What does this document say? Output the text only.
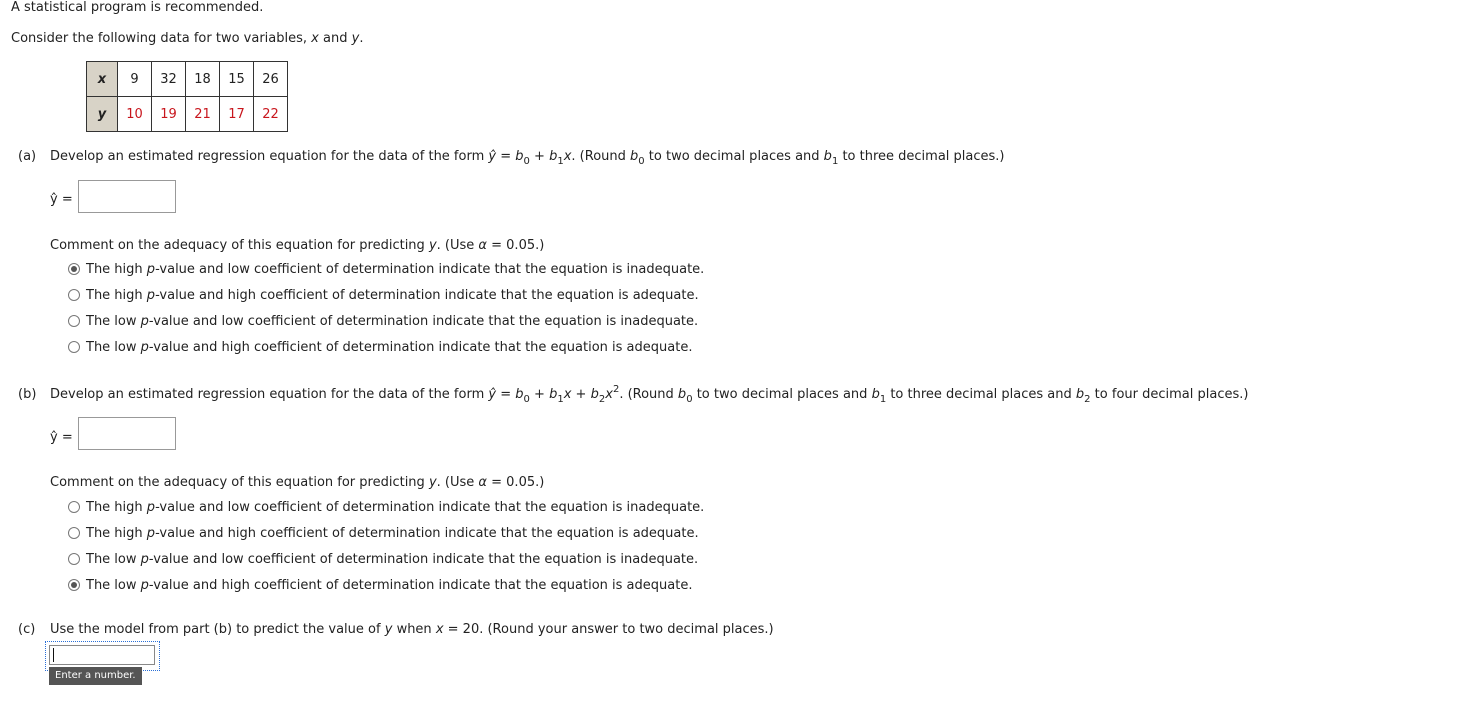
A statistical program is recommended.
Consider the following data for two variables, x and y.
x	9	32	18	15	26
y	10	19	21	17	22
(a) Develop an estimated regression equation for the data of the form ŷ = $b_0 + b_1x$. (Round $b_0$ to two decimal places and $b_1$ to three decimal places.)
ŷ =
Comment on the adequacy of this equation for predicting y. (Use α = 0.05.)
The high p-value and low coefficient of determination indicate that the equation is inadequate.
The high p-value and high coefficient of determination indicate that the equation is adequate.
The low p-value and low coefficient of determination indicate that the equation is inadequate.
The low p-value and high coefficient of determination indicate that the equation is adequate.
(b) Develop an estimated regression equation for the data of the form ŷ = $b_0 + b_1x + b_2x^2$. (Round $b_0$ to two decimal places and $b_1$ to three decimal places and $b_2$ to four decimal places.)
ŷ =
Comment on the adequacy of this equation for predicting y. (Use α = 0.05.)
The high p-value and low coefficient of determination indicate that the equation is inadequate.
The high p-value and high coefficient of determination indicate that the equation is adequate.
The low p-value and low coefficient of determination indicate that the equation is inadequate.
The low p-value and high coefficient of determination indicate that the equation is adequate.
(c) Use the model from part (b) to predict the value of y when x = 20. (Round your answer to two decimal places.)
Enter a number.
